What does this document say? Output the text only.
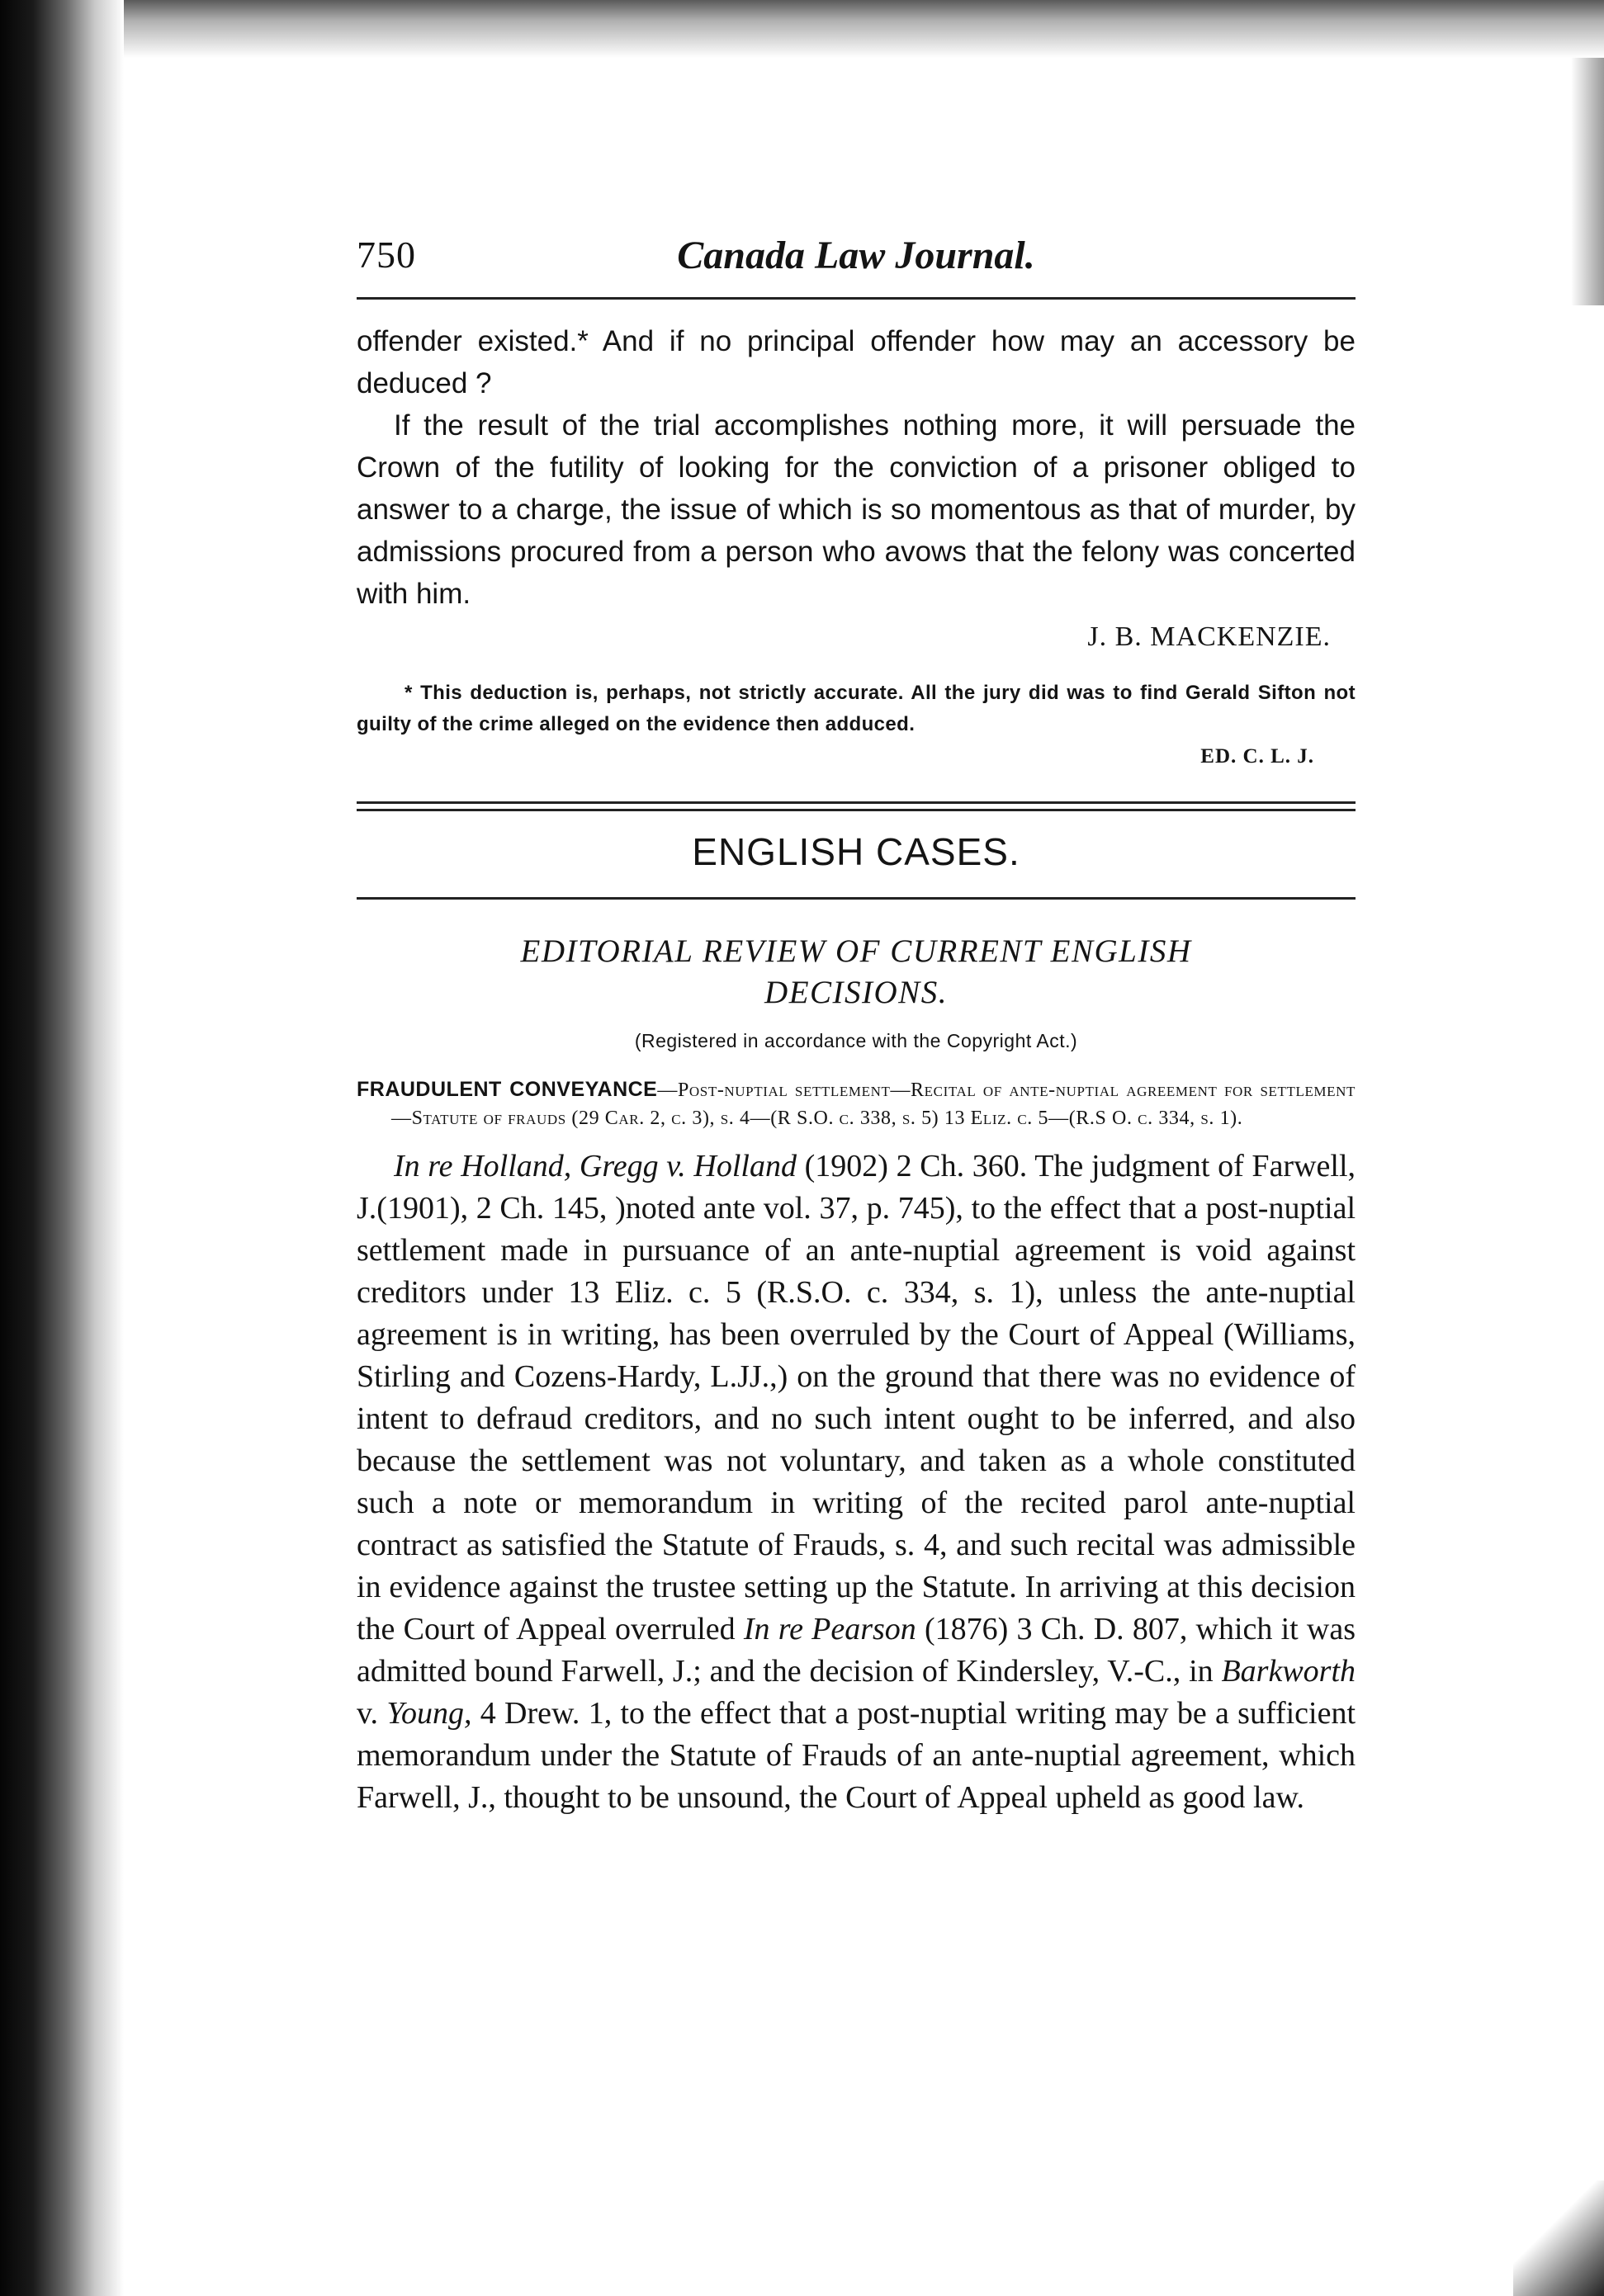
750	Canada Law Journal.

offender existed.* And if no principal offender how may an accessory be deduced ?

If the result of the trial accomplishes nothing more, it will persuade the Crown of the futility of looking for the conviction of a prisoner obliged to answer to a charge, the issue of which is so momentous as that of murder, by admissions procured from a person who avows that the felony was concerted with him.

J. B. MACKENZIE.

* This deduction is, perhaps, not strictly accurate. All the jury did was to find Gerald Sifton not guilty of the crime alleged on the evidence then adduced.

ED. C. L. J.
ENGLISH CASES.
EDITORIAL REVIEW OF CURRENT ENGLISH
DECISIONS.
(Registered in accordance with the Copyright Act.)

FRAUDULENT CONVEYANCE—Post-nuptial settlement—Recital of ante-nuptial agreement for settlement —Statute of frauds (29 Car. 2, c. 3), s. 4—(R S.O. c. 338, s. 5) 13 Eliz. c. 5—(R.S O. c. 334, s. 1).

In re Holland, Gregg v. Holland (1902) 2 Ch. 360. The judgment of Farwell, J.(1901), 2 Ch. 145, )noted ante vol. 37, p. 745), to the effect that a post-nuptial settlement made in pursuance of an ante-nuptial agreement is void against creditors under 13 Eliz. c. 5 (R.S.O. c. 334, s. 1), unless the ante-nuptial agreement is in writing, has been overruled by the Court of Appeal (Williams, Stirling and Cozens-Hardy, L.JJ.,) on the ground that there was no evidence of intent to defraud creditors, and no such intent ought to be inferred, and also because the settlement was not voluntary, and taken as a whole constituted such a note or memorandum in writing of the recited parol ante-nuptial contract as satisfied the Statute of Frauds, s. 4, and such recital was admissible in evidence against the trustee setting up the Statute. In arriving at this decision the Court of Appeal overruled In re Pearson (1876) 3 Ch. D. 807, which it was admitted bound Farwell, J.; and the decision of Kindersley, V.-C., in Barkworth v. Young, 4 Drew. 1, to the effect that a post-nuptial writing may be a sufficient memorandum under the Statute of Frauds of an ante-nuptial agreement, which Farwell, J., thought to be unsound, the Court of Appeal upheld as good law.
